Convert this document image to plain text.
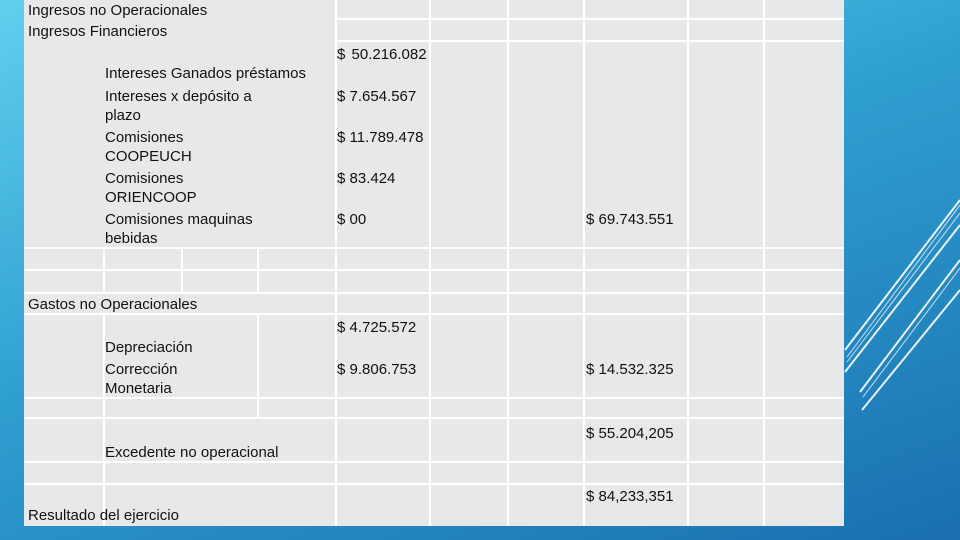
Ingresos no Operacionales
Ingresos Financieros
Intereses Ganados préstamos
$ 50.216.082
Intereses x depósito a plazo
$ 7.654.567
Comisiones COOPEUCH
$ 11.789.478
Comisiones ORIENCOOP
$ 83.424
Comisiones maquinas bebidas
$ 00	$ 69.743.551
Gastos no Operacionales
Depreciación
$ 4.725.572
Corrección Monetaria
$ 9.806.753	$ 14.532.325
Excedente no operacional
$ 55.204,205
Resultado del ejercicio
$ 84,233,351
